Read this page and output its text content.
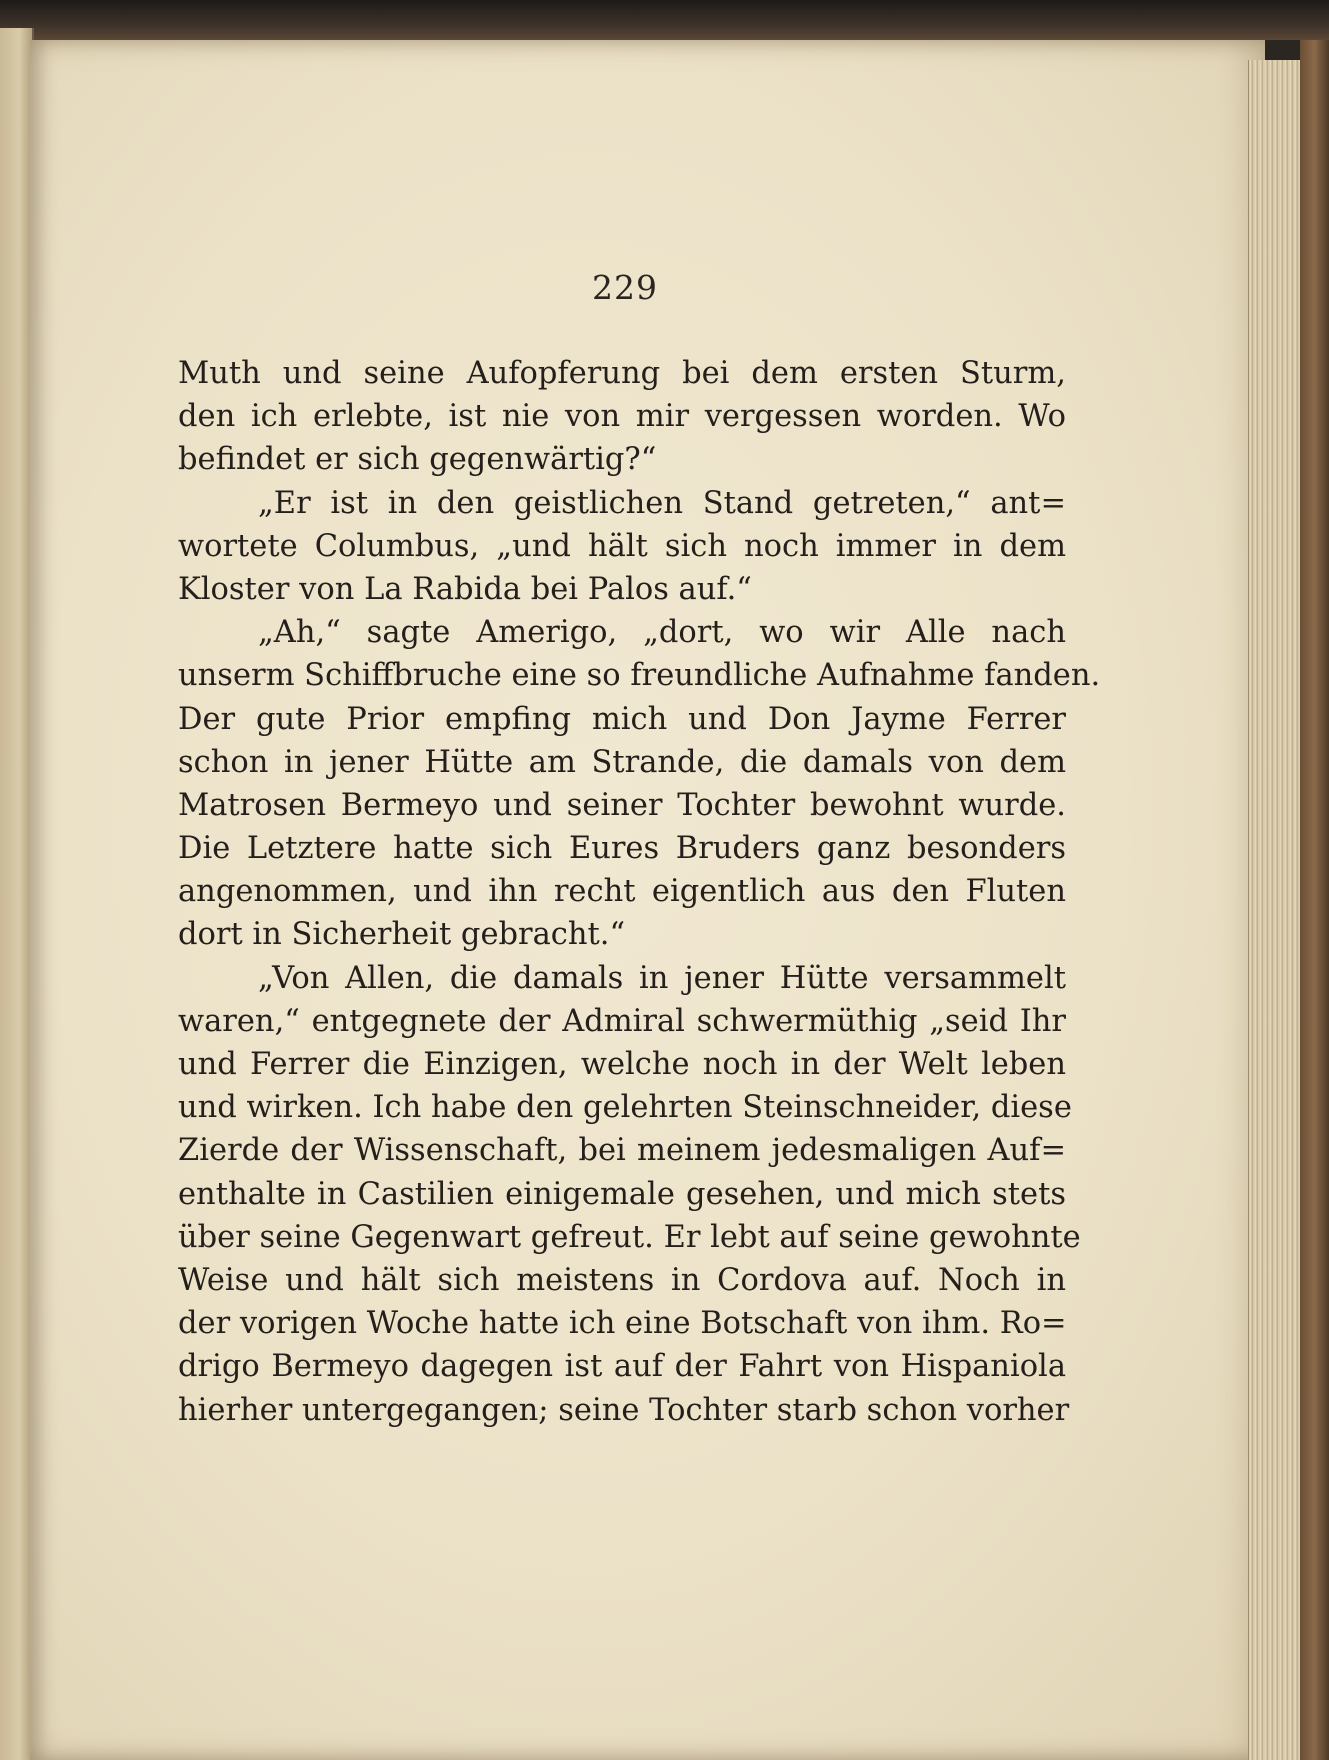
229
Muth und seine Aufopferung bei dem ersten Sturm,
den ich erlebte, ist nie von mir vergessen worden. Wo
befindet er sich gegenwärtig?“
„Er ist in den geistlichen Stand getreten,“ ant=
wortete Columbus, „und hält sich noch immer in dem
Kloster von La Rabida bei Palos auf.“
„Ah,“ sagte Amerigo, „dort, wo wir Alle nach
unserm Schiffbruche eine so freundliche Aufnahme fanden.
Der gute Prior empfing mich und Don Jayme Ferrer
schon in jener Hütte am Strande, die damals von dem
Matrosen Bermeyo und seiner Tochter bewohnt wurde.
Die Letztere hatte sich Eures Bruders ganz besonders
angenommen, und ihn recht eigentlich aus den Fluten
dort in Sicherheit gebracht.“
„Von Allen, die damals in jener Hütte versammelt
waren,“ entgegnete der Admiral schwermüthig „seid Ihr
und Ferrer die Einzigen, welche noch in der Welt leben
und wirken. Ich habe den gelehrten Steinschneider, diese
Zierde der Wissenschaft, bei meinem jedesmaligen Auf=
enthalte in Castilien einigemale gesehen, und mich stets
über seine Gegenwart gefreut. Er lebt auf seine gewohnte
Weise und hält sich meistens in Cordova auf. Noch in
der vorigen Woche hatte ich eine Botschaft von ihm. Ro=
drigo Bermeyo dagegen ist auf der Fahrt von Hispaniola
hierher untergegangen; seine Tochter starb schon vorher
